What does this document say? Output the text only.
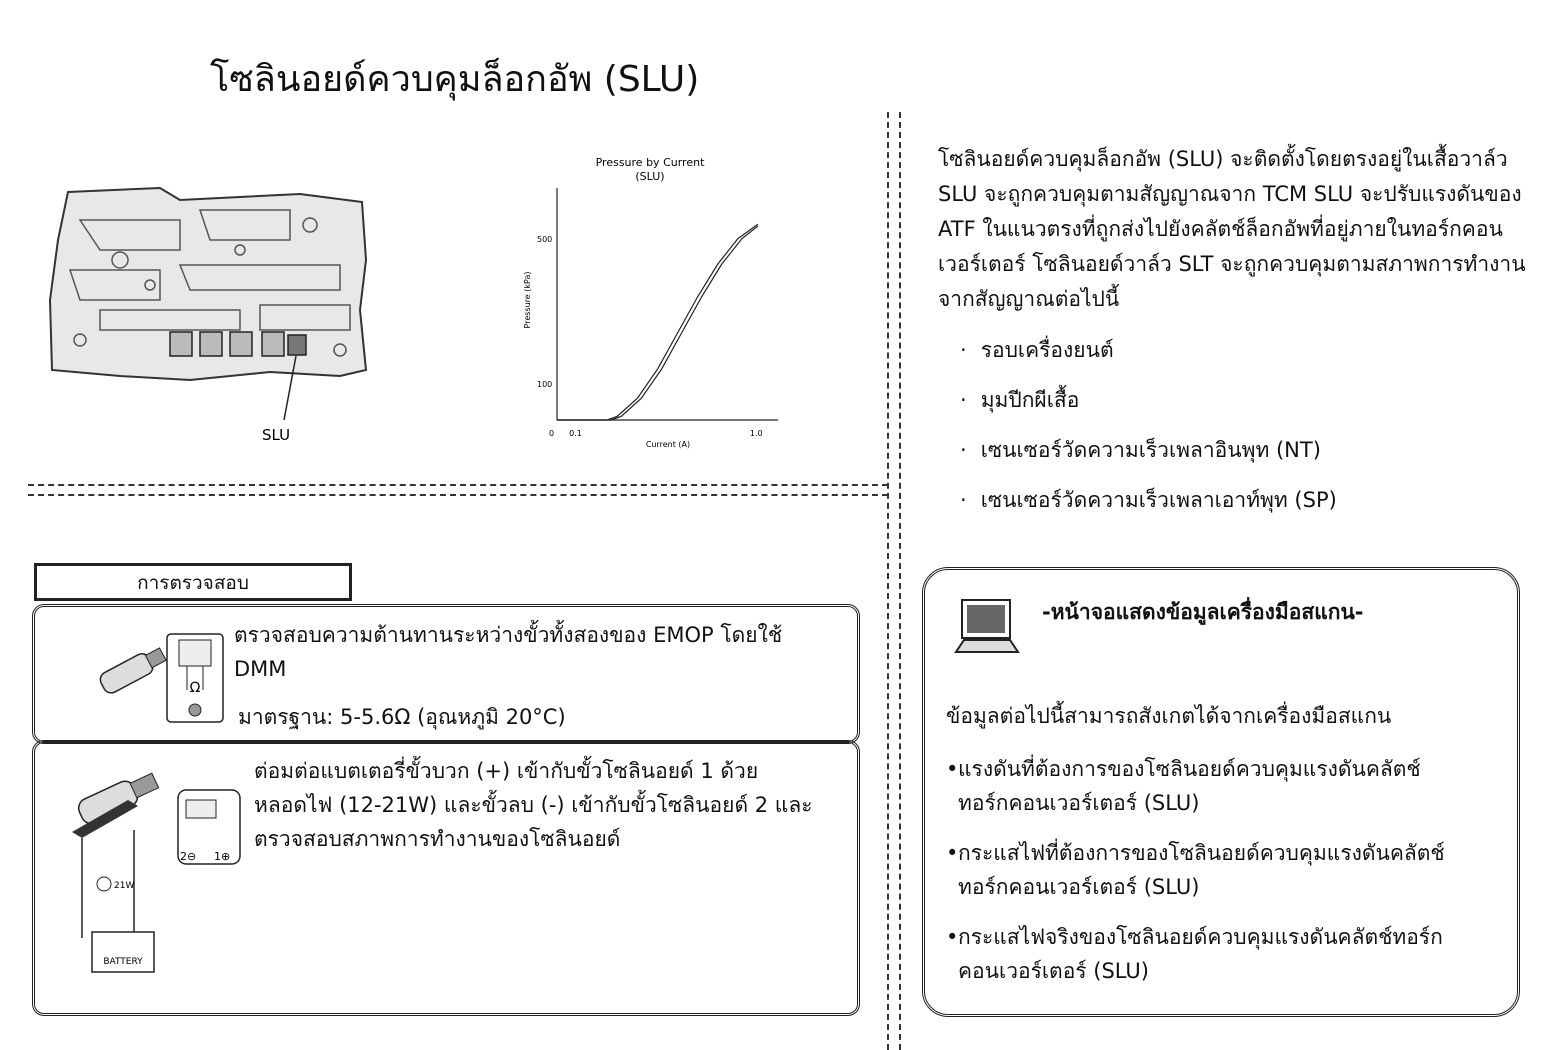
โซลินอยด์ควบคุมล็อกอัพ (SLU)
SLU
Pressure by Current
(SLU)
Pressure (kPa)
Current (A)
0 0.1	1.0
500
100
โซลินอยด์ควบคุมล็อกอัพ (SLU) จะติดตั้งโดยตรงอยู่ในเสื้อวาล์ว SLU จะถูกควบคุมตามสัญญาณจาก TCM SLU จะปรับแรงดันของ ATF ในแนวตรงที่ถูกส่งไปยังคลัตช์ล็อกอัพที่อยู่ภายในทอร์กคอนเวอร์เตอร์ โซลินอยด์วาล์ว SLT จะถูกควบคุมตามสภาพการทำงานจากสัญญาณต่อไปนี้
· รอบเครื่องยนต์
· มุมปีกผีเสื้อ
· เซนเซอร์วัดความเร็วเพลาอินพุท (NT)
· เซนเซอร์วัดความเร็วเพลาเอาท์พุท (SP)
การตรวจสอบ
Ω
ตรวจสอบความต้านทานระหว่างขั้วทั้งสองของ EMOP โดยใช้ DMM
มาตรฐาน: 5-5.6Ω (อุณหภูมิ 20°C)
2⊖ 1⊕
21W
BATTERY
ต่อมต่อแบตเตอรี่ขั้วบวก (+) เข้ากับขั้วโซลินอยด์ 1 ด้วย
หลอดไฟ (12-21W) และขั้วลบ (-) เข้ากับขั้วโซลินอยด์ 2 และ
ตรวจสอบสภาพการทำงานของโซลินอยด์
-หน้าจอแสดงข้อมูลเครื่องมือสแกน-
ข้อมูลต่อไปนี้สามารถสังเกตได้จากเครื่องมือสแกน
•แรงดันที่ต้องการของโซลินอยด์ควบคุมแรงดันคลัตช์
ทอร์กคอนเวอร์เตอร์ (SLU)
•กระแสไฟที่ต้องการของโซลินอยด์ควบคุมแรงดันคลัตช์
ทอร์กคอนเวอร์เตอร์ (SLU)
•กระแสไฟจริงของโซลินอยด์ควบคุมแรงดันคลัตช์ทอร์ก
คอนเวอร์เตอร์ (SLU)
